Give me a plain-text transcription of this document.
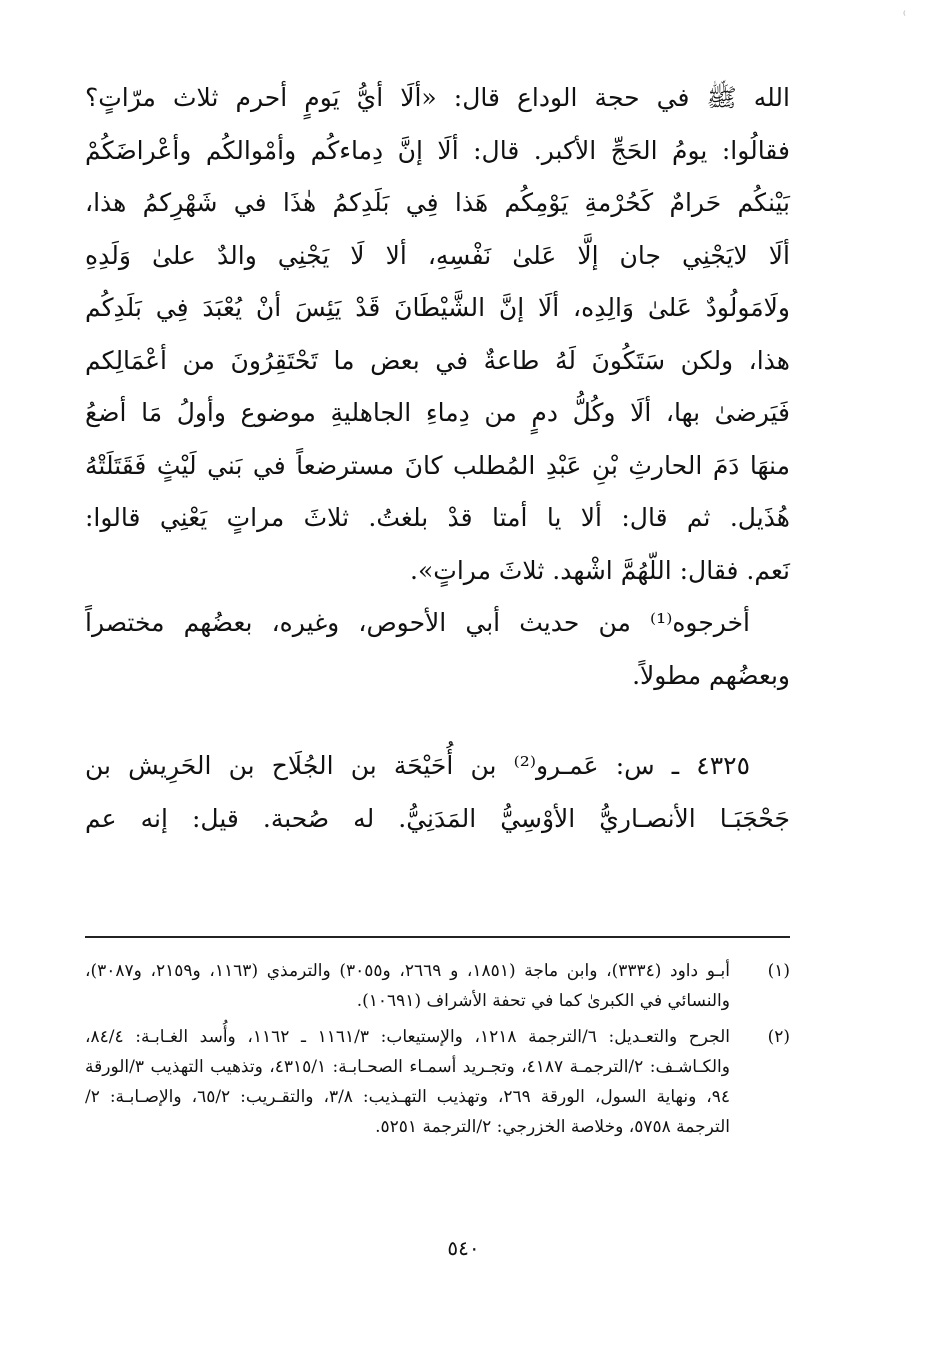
⁽

الله ﷺ في حجة الوداع قال: «ألَا أيُّ يَومٍ أحرم ثلاث مرّاتٍ؟

فقالُوا: يومُ الحَجِّ الأكبر. قال: ألَا إنَّ دِماءكُم وأمْوالكُم وأعْراضَكُمْ

بَيْنكُم حَرامٌ كَحُرْمةِ يَوْمِكُم هَذا فِي بَلَدِكمُ هٰذَا في شَهْرِكمُ هذا،

ألَا لايَجْنِي جان إلَّا عَلىٰ نَفْسِهِ، ألا لَا يَجْنِي والدٌ علىٰ وَلَدِهِ

ولَامَولُودٌ عَلىٰ وَالِدِه، ألَا إنَّ الشَّيْطَانَ قَدْ يَئِسَ أنْ يُعْبَدَ فِي بَلَدِكُم

هذا، ولكن سَتَكُونَ لَهُ طاعةٌ في بعض ما تَحْتَقِرُونَ من أعْمَالِكم

فَيَرضىٰ بها، ألَا وكُلُّ دمٍ من دِماءِ الجاهليةِ موضوع وأولُ مَا أضعُ

منهَا دَمَ الحارثِ بْنِ عَبْدِ المُطلب كانَ مسترضعاً في بَني لَيْثٍ فَقَتَلَتْهُ

هُذَيل. ثم قال: ألا يا أمتا قدْ بلغتُ. ثلاثَ مراتٍ يَعْنِي قالوا:

نَعم. فقال: اللّهُمَّ اشْهد. ثلاثَ مراتٍ».

أخرجوه⁽¹⁾ من حديث أبي الأحوص، وغيره، بعضُهم مختصراً

وبعضُهم مطولاً.

٤٣٢٥ ـ س: عَمـرو⁽²⁾ بن أُحَيْحَة بن الجُلَاح بن الحَرِيش بن

جَحْجَبَـا الأنصـاريُّ الأوْسِيُّ المَدَنِيُّ. له صُحبة. قيل: إنه عم

(١)
أبـو داود (٣٣٣٤)، وابن ماجة (١٨٥١، و ٢٦٦٩، و٣٠٥٥) والترمذي (١١٦٣، و٢١٥٩، و٣٠٨٧)، والنسائي في الكبرىٰ كما في تحفة الأشراف (١٠٦٩١).
(٢)
الجرح والتعـديل: ٦/الترجمة ١٢١٨، والإستيعاب: ١١٦١/٣ ـ ١١٦٢، وأُسد الغـابـة: ٨٤/٤، والكـاشـف: ٢/الترجمـة ٤١٨٧، وتجـريد أسمـاء الصحـابـة: ٤٣١٥/١، وتذهيب التهذيب ٣/الورقة ٩٤، ونهاية السول، الورقة ٢٦٩، وتهذيب التهـذيب: ٣/٨، والتقـريب: ٦٥/٢، والإصـابـة: ٢/الترجمة ٥٧٥٨، وخلاصة الخزرجي: ٢/الترجمة ٥٢٥١.
٥٤٠
